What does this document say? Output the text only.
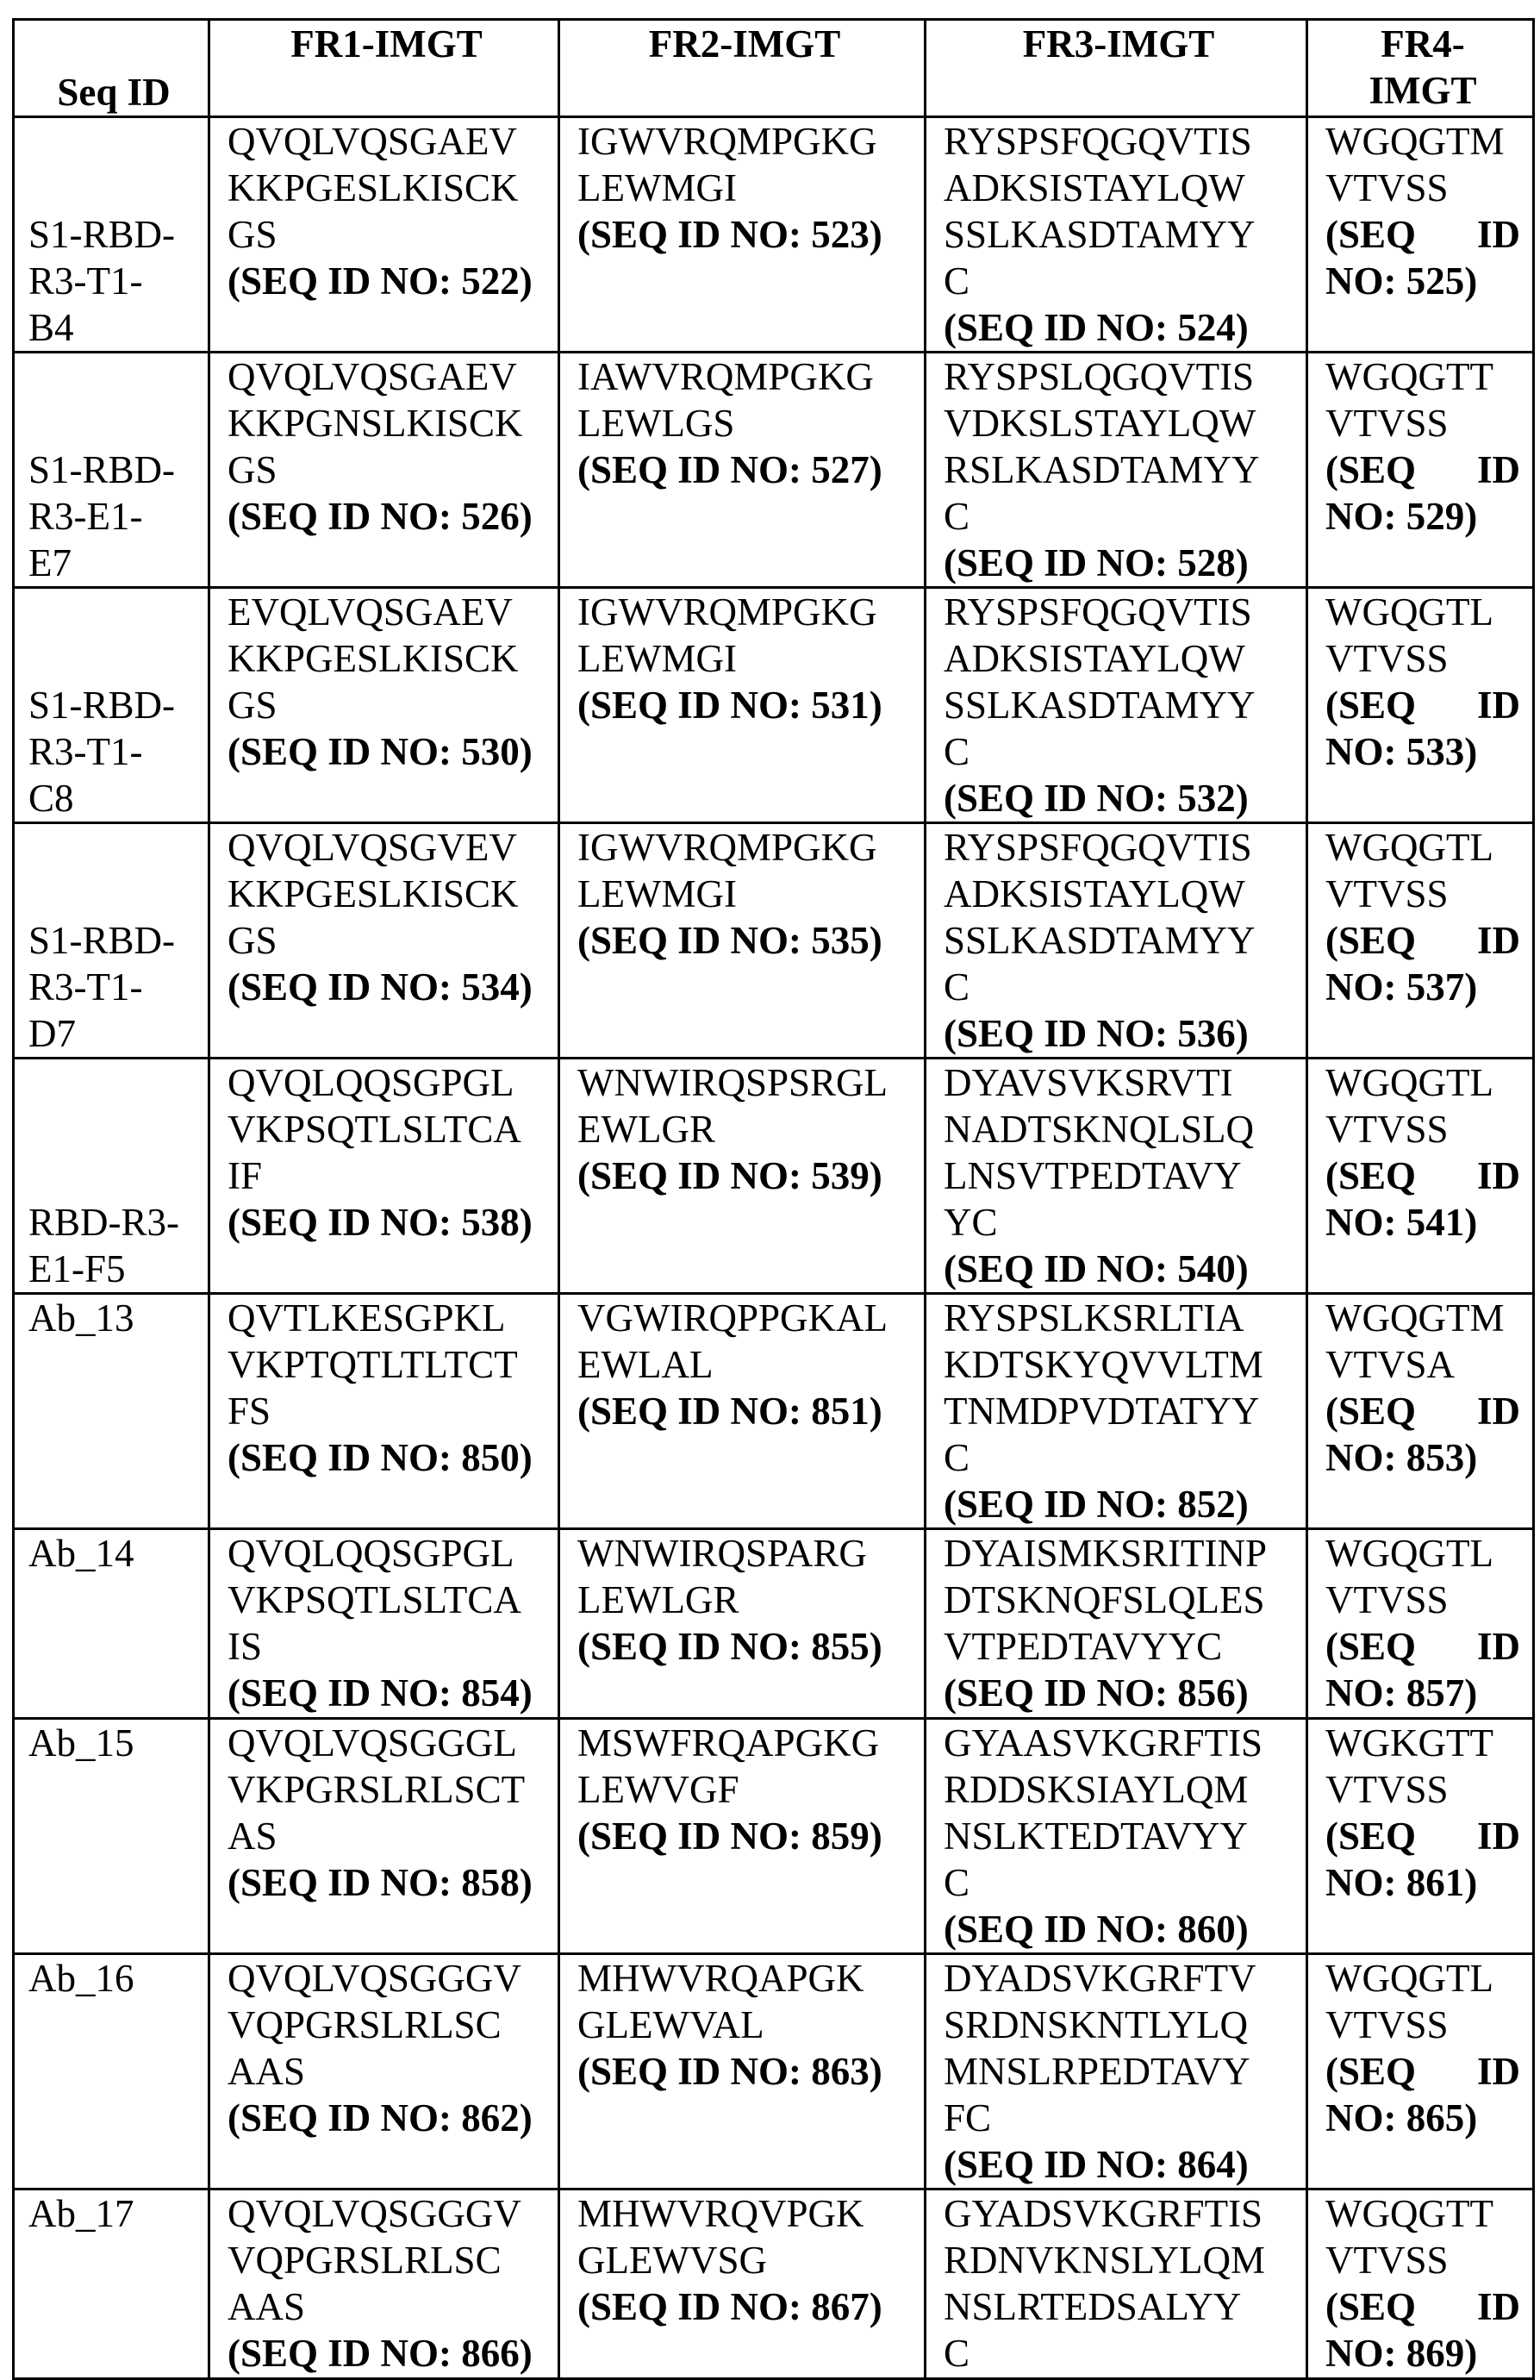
Seq ID

FR1-IMGT	FR2-IMGT	FR3-IMGT	FR4-
IMGT

S1-RBD-
R3-T1-
B4

QVQLVQSGAEV
KKPGESLKISCK
GS
(SEQ ID NO: 522)

IGWVRQMPGKG
LEWMGI
(SEQ ID NO: 523)

RYSPSFQGQVTIS
ADKSISTAYLQW
SSLKASDTAMYY
C
(SEQ ID NO: 524)

WGQGTM
VTVSS
(SEQ ID
NO: 525)

S1-RBD-
R3-E1-
E7

QVQLVQSGAEV
KKPGNSLKISCK
GS
(SEQ ID NO: 526)

IAWVRQMPGKG
LEWLGS
(SEQ ID NO: 527)

RYSPSLQGQVTIS
VDKSLSTAYLQW
RSLKASDTAMYY
C
(SEQ ID NO: 528)

WGQGTT
VTVSS
(SEQ ID
NO: 529)

S1-RBD-
R3-T1-
C8

EVQLVQSGAEV
KKPGESLKISCK
GS
(SEQ ID NO: 530)

IGWVRQMPGKG
LEWMGI
(SEQ ID NO: 531)

RYSPSFQGQVTIS
ADKSISTAYLQW
SSLKASDTAMYY
C
(SEQ ID NO: 532)

WGQGTL
VTVSS
(SEQ ID
NO: 533)

S1-RBD-
R3-T1-
D7

QVQLVQSGVEV
KKPGESLKISCK
GS
(SEQ ID NO: 534)

IGWVRQMPGKG
LEWMGI
(SEQ ID NO: 535)

RYSPSFQGQVTIS
ADKSISTAYLQW
SSLKASDTAMYY
C
(SEQ ID NO: 536)

WGQGTL
VTVSS
(SEQ ID
NO: 537)

RBD-R3-
E1-F5

QVQLQQSGPGL
VKPSQTLSLTCA
IF
(SEQ ID NO: 538)

WNWIRQSPSRGL
EWLGR
(SEQ ID NO: 539)

DYAVSVKSRVTI
NADTSKNQLSLQ
LNSVTPEDTAVY
YC
(SEQ ID NO: 540)

WGQGTL
VTVSS
(SEQ ID
NO: 541)

Ab_13	QVTLKESGPKL
VKPTQTLTLTCT
FS
(SEQ ID NO: 850)

VGWIRQPPGKAL
EWLAL
(SEQ ID NO: 851)

RYSPSLKSRLTIA
KDTSKYQVVLTM
TNMDPVDTATYY
C
(SEQ ID NO: 852)

WGQGTM
VTVSA
(SEQ ID
NO: 853)

Ab_14	QVQLQQSGPGL
VKPSQTLSLTCA
IS
(SEQ ID NO: 854)

WNWIRQSPARG
LEWLGR
(SEQ ID NO: 855)

DYAISMKSRITINP
DTSKNQFSLQLES
VTPEDTAVYYC
(SEQ ID NO: 856)

WGQGTL
VTVSS
(SEQ ID
NO: 857)

Ab_15	QVQLVQSGGGL
VKPGRSLRLSCT
AS
(SEQ ID NO: 858)

MSWFRQAPGKG
LEWVGF
(SEQ ID NO: 859)

GYAASVKGRFTIS
RDDSKSIAYLQM
NSLKTEDTAVYY
C
(SEQ ID NO: 860)

WGKGTT
VTVSS
(SEQ ID
NO: 861)

Ab_16	QVQLVQSGGGV
VQPGRSLRLSC
AAS
(SEQ ID NO: 862)

MHWVRQAPGK
GLEWVAL
(SEQ ID NO: 863)

DYADSVKGRFTV
SRDNSKNTLYLQ
MNSLRPEDTAVY
FC
(SEQ ID NO: 864)

WGQGTL
VTVSS
(SEQ ID
NO: 865)

Ab_17	QVQLVQSGGGV
VQPGRSLRLSC
AAS
(SEQ ID NO: 866)

MHWVRQVPGK
GLEWVSG
(SEQ ID NO: 867)

GYADSVKGRFTIS
RDNVKNSLYLQM
NSLRTEDSALYY
C

WGQGTT
VTVSS
(SEQ ID
NO: 869)
